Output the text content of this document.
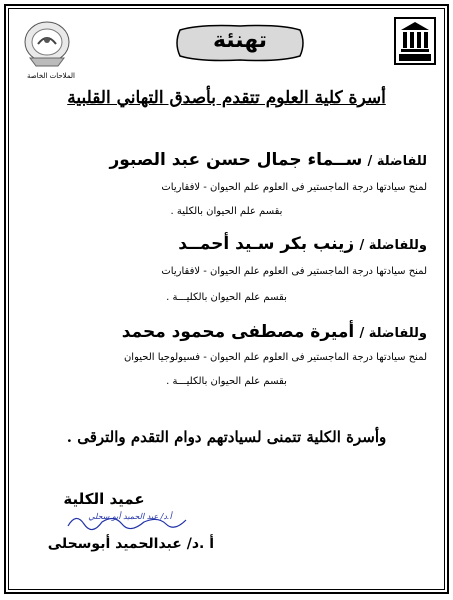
الملاحات الخاصة
تهنئة
أسرة كلية العلوم تتقدم بأصدق التهاني القلبية
للفاضلة / ســماء جمال حسن عبد الصبور
لمنح سيادتها درجة الماجستير فى العلوم علم الحيوان - لافقاريات
بقسم علم الحيوان بالكلية .
وللفاضلة / زينب بكر سـيد أحمــد
لمنح سيادتها درجة الماجستير فى العلوم علم الحيوان - لافقاريات
بقسم علم الحيوان بالكليـــة .
وللفاضلة / أميرة مصطفى محمود محمد
لمنح سيادتها درجة الماجستير فى العلوم علم الحيوان - فسيولوجيا الحيوان
بقسم علم الحيوان بالكليـــة .
وأسرة الكلية تتمنى لسيادتهم دوام التقدم والترقى .
عميد الكلية
أ.د/ عبد الحميد أبو سحلي
أ .د/ عبدالحميد أبوسحلى
